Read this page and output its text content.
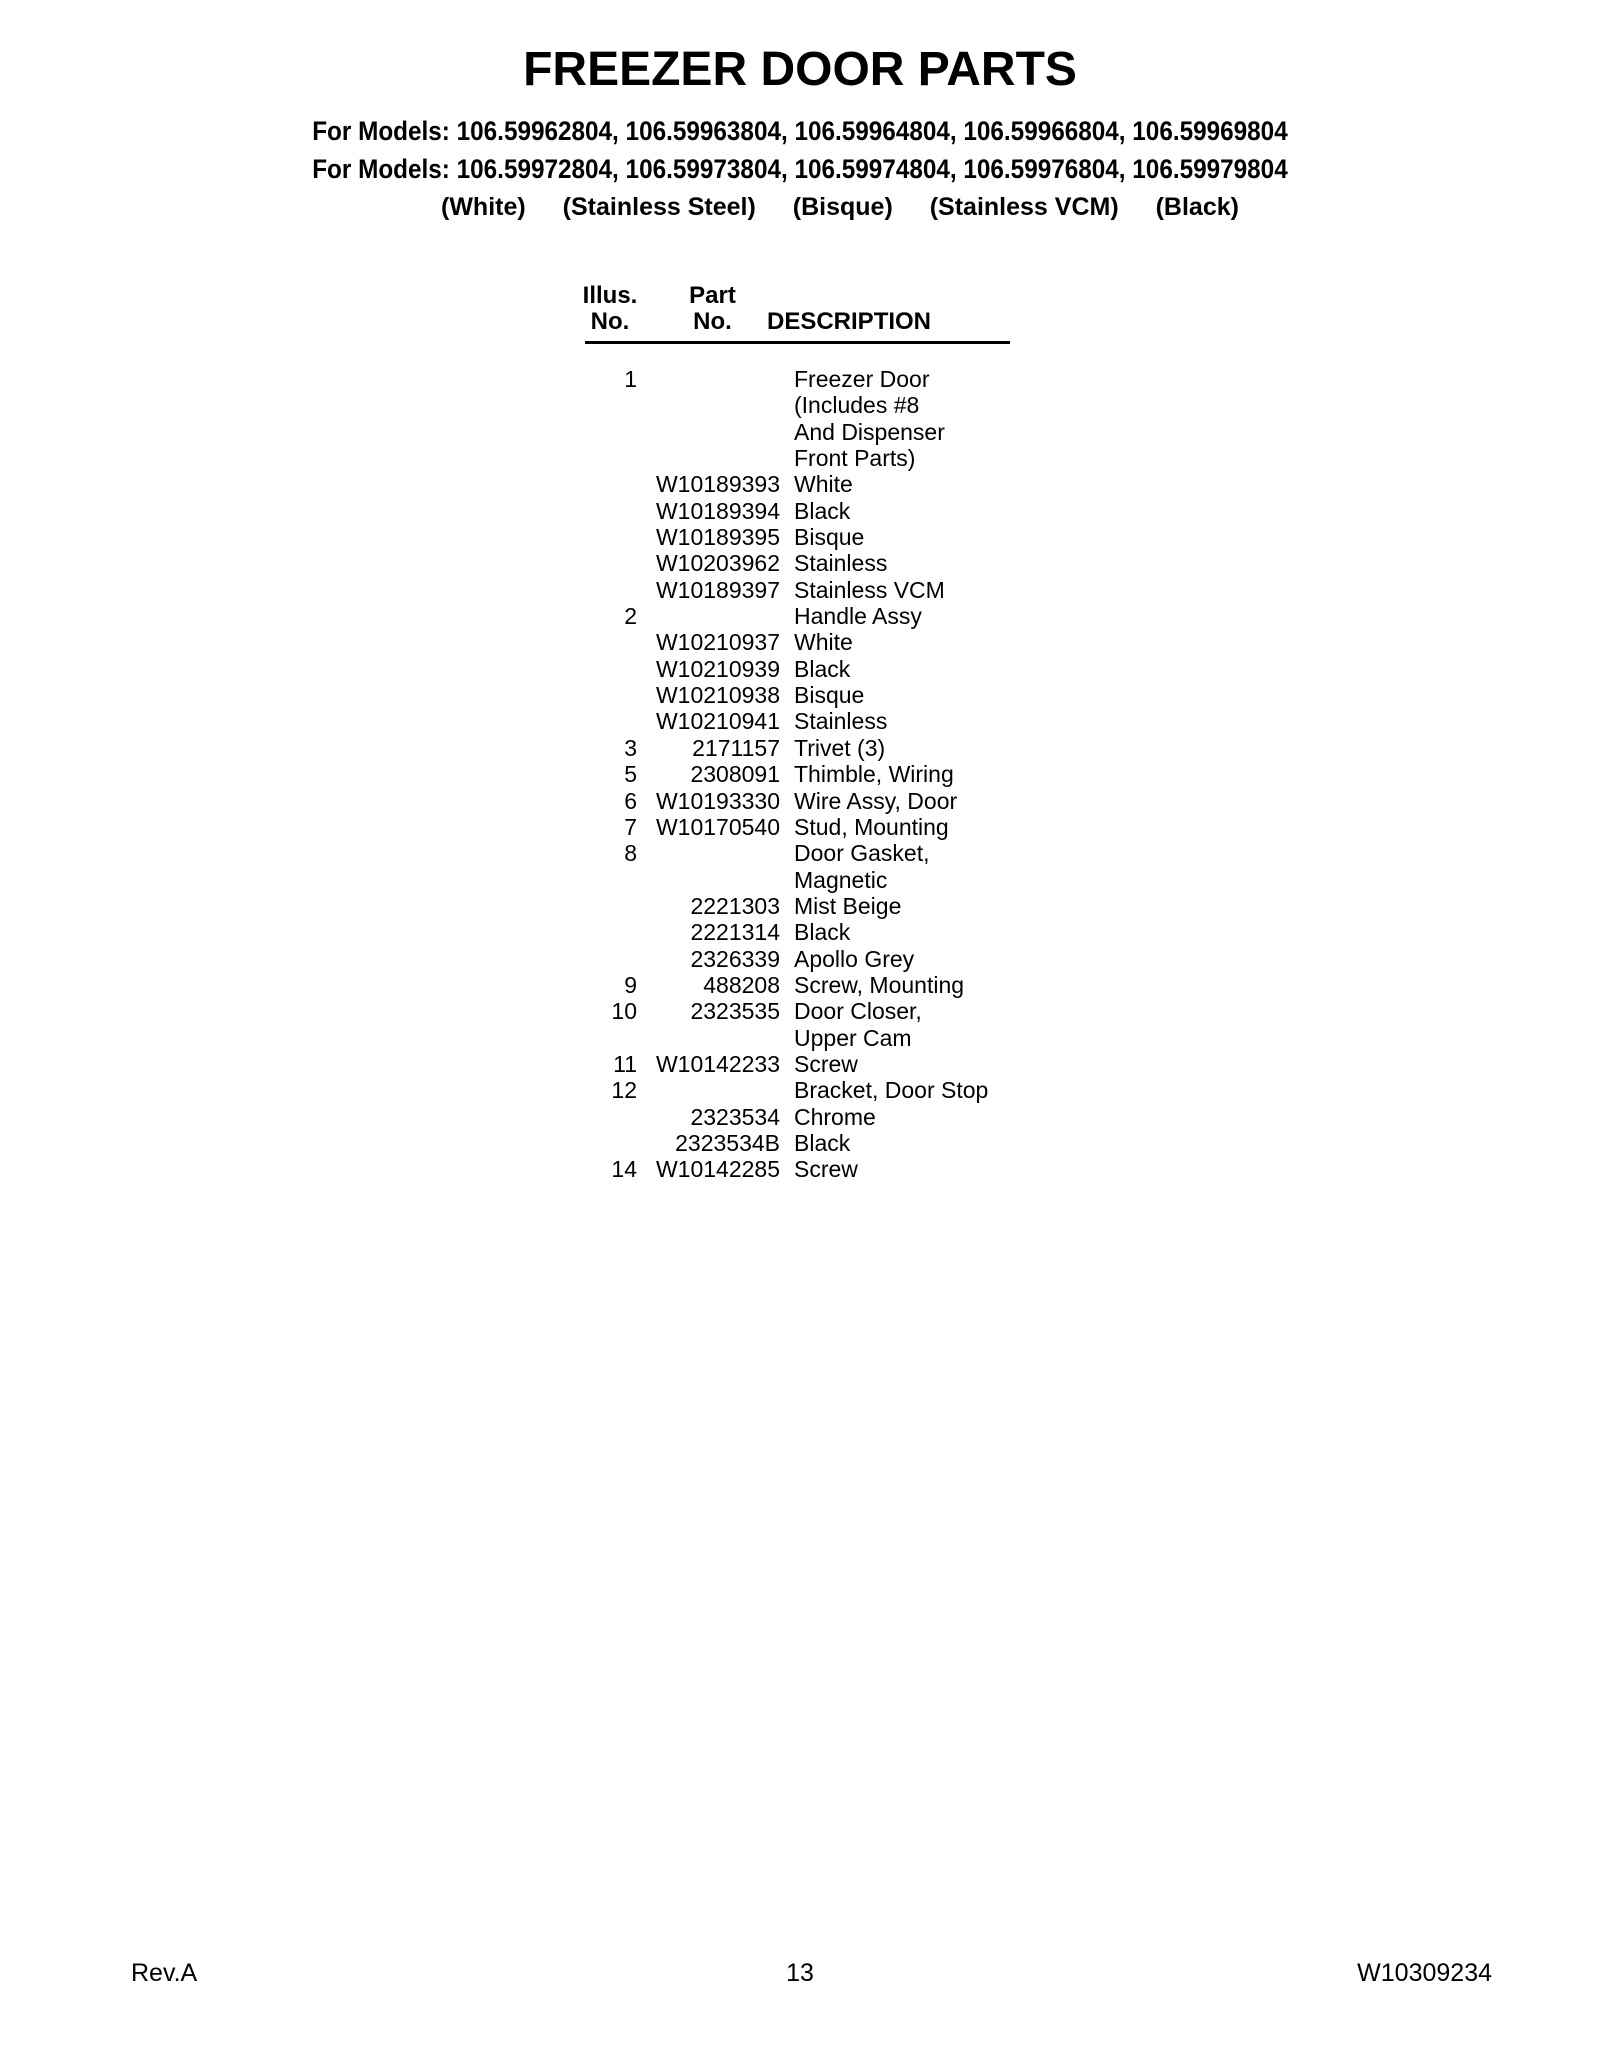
FREEZER DOOR PARTS
For Models: 106.59962804, 106.59963804, 106.59964804, 106.59966804, 106.59969804
For Models: 106.59972804, 106.59973804, 106.59974804, 106.59976804, 106.59979804
(White) (Stainless Steel) (Bisque) (Stainless VCM) (Black)
Illus.	Part
No.	No.	DESCRIPTION
1	Freezer Door
(Includes #8
And Dispenser
Front Parts)
W10189393 White
W10189394 Black
W10189395 Bisque
W10203962 Stainless
W10189397 Stainless VCM
2	Handle Assy
W10210937 White
W10210939 Black
W10210938 Bisque
W10210941 Stainless
3	2171157 Trivet (3)
5	2308091 Thimble, Wiring
6 W10193330 Wire Assy, Door
7 W10170540 Stud, Mounting
8	Door Gasket,
Magnetic
2221303 Mist Beige
2221314 Black
2326339 Apollo Grey
9	488208 Screw, Mounting
10	2323535 Door Closer,
Upper Cam
11 W10142233 Screw
12	Bracket, Door Stop
2323534 Chrome
2323534B Black
14 W10142285 Screw
Rev.A	13	W10309234
